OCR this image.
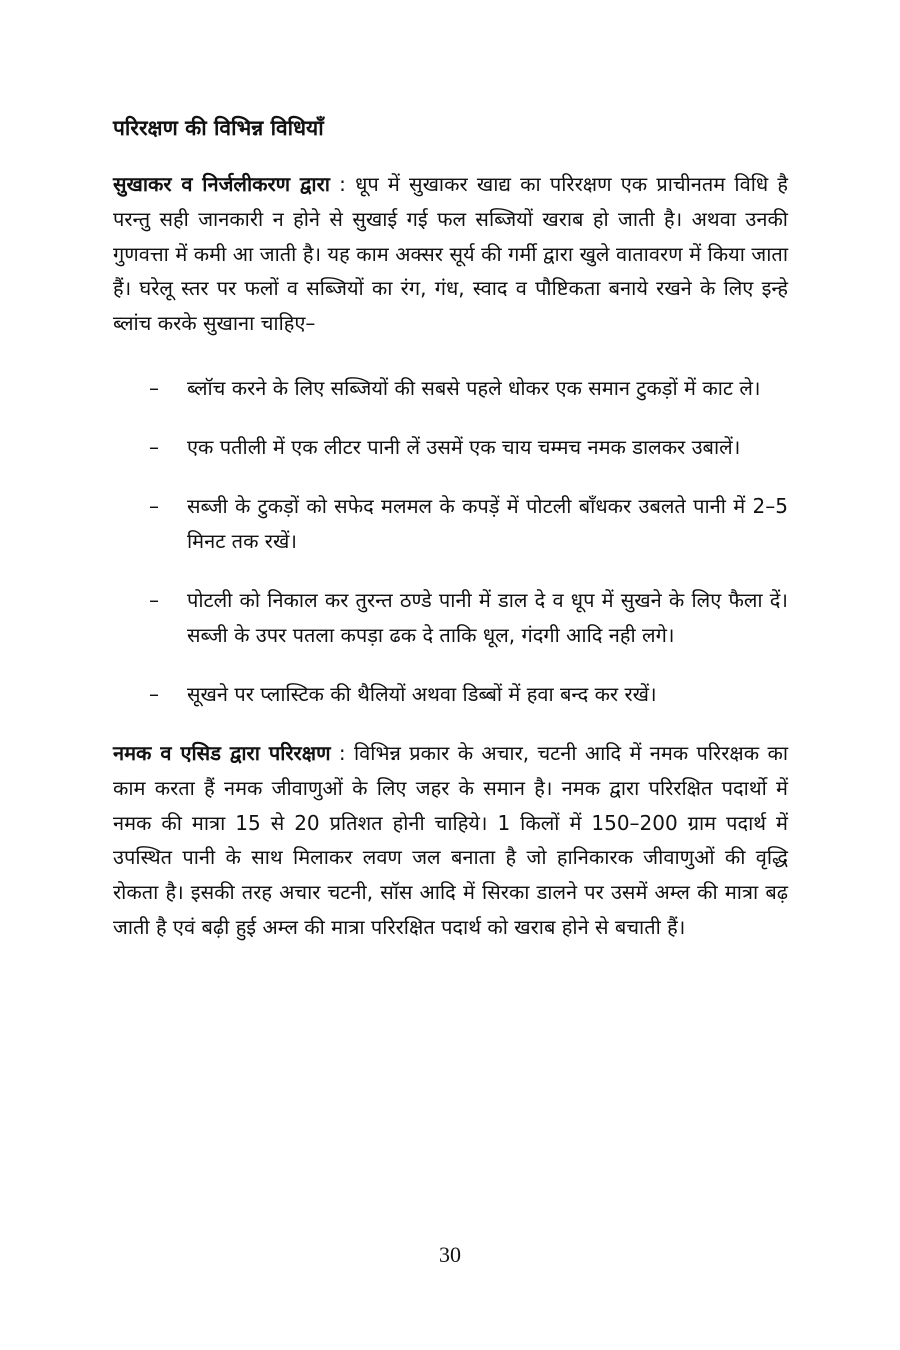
परिरक्षण की विभिन्न विधियाँ

सुखाकर व निर्जलीकरण द्वारा : धूप में सुखाकर खाद्य का परिरक्षण एक प्राचीनतम विधि है परन्तु सही जानकारी न होने से सुखाई गई फल सब्जियों खराब हो जाती है। अथवा उनकी गुणवत्ता में कमी आ जाती है। यह काम अक्सर सूर्य की गर्मी द्वारा खुले वातावरण में किया जाता हैं। घरेलू स्तर पर फलों व सब्जियों का रंग, गंध, स्वाद व पौष्टिकता बनाये रखने के लिए इन्हे ब्लांच करके सुखाना चाहिए–

– ब्लॉच करने के लिए सब्जियों की सबसे पहले धोकर एक समान टुकड़ों में काट ले।
– एक पतीली में एक लीटर पानी लें उसमें एक चाय चम्मच नमक डालकर उबालें।
– सब्जी के टुकड़ों को सफेद मलमल के कपड़ें में पोटली बाँधकर उबलते पानी में 2–5 मिनट तक रखें।
– पोटली को निकाल कर तुरन्त ठण्डे पानी में डाल दे व धूप में सुखने के लिए फैला दें। सब्जी के उपर पतला कपड़ा ढक दे ताकि धूल, गंदगी आदि नही लगे।
– सूखने पर प्लास्टिक की थैलियों अथवा डिब्बों में हवा बन्द कर रखें।

नमक व एसिड द्वारा परिरक्षण : विभिन्न प्रकार के अचार, चटनी आदि में नमक परिरक्षक का काम करता हैं नमक जीवाणुओं के लिए जहर के समान है। नमक द्वारा परिरक्षित पदार्थो में नमक की मात्रा 15 से 20 प्रतिशत होनी चाहिये। 1 किलों में 150–200 ग्राम पदार्थ में उपस्थित पानी के साथ मिलाकर लवण जल बनाता है जो हानिकारक जीवाणुओं की वृद्धि रोकता है। इसकी तरह अचार चटनी, सॉस आदि में सिरका डालने पर उसमें अम्ल की मात्रा बढ़ जाती है एवं बढ़ी हुई अम्ल की मात्रा परिरक्षित पदार्थ को खराब होने से बचाती हैं।

30
